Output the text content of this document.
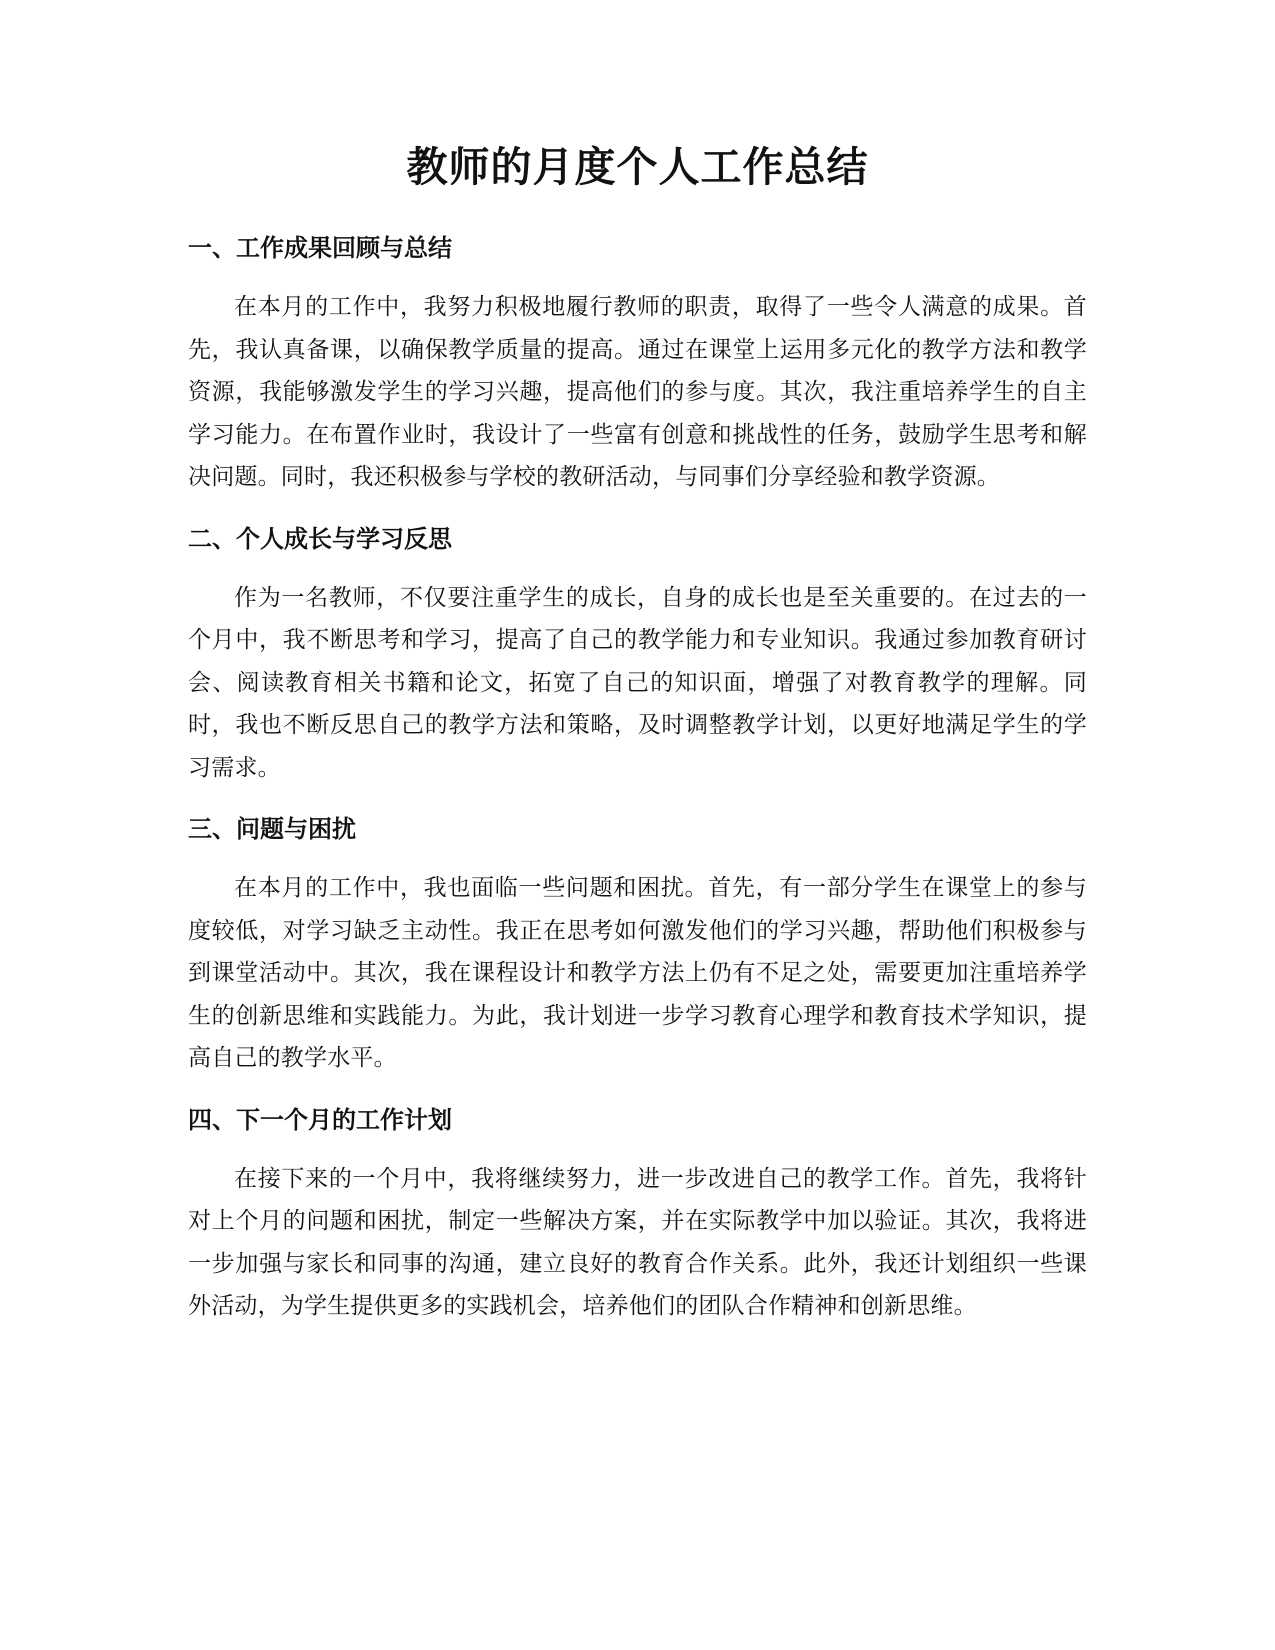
教师的月度个人工作总结
一、工作成果回顾与总结

在本月的工作中，我努力积极地履行教师的职责，取得了一些令人满意的成果。首先，我认真备课，以确保教学质量的提高。通过在课堂上运用多元化的教学方法和教学资源，我能够激发学生的学习兴趣，提高他们的参与度。其次，我注重培养学生的自主学习能力。在布置作业时，我设计了一些富有创意和挑战性的任务，鼓励学生思考和解决问题。同时，我还积极参与学校的教研活动，与同事们分享经验和教学资源。

二、个人成长与学习反思

作为一名教师，不仅要注重学生的成长，自身的成长也是至关重要的。在过去的一个月中，我不断思考和学习，提高了自己的教学能力和专业知识。我通过参加教育研讨会、阅读教育相关书籍和论文，拓宽了自己的知识面，增强了对教育教学的理解。同时，我也不断反思自己的教学方法和策略，及时调整教学计划，以更好地满足学生的学习需求。

三、问题与困扰

在本月的工作中，我也面临一些问题和困扰。首先，有一部分学生在课堂上的参与度较低，对学习缺乏主动性。我正在思考如何激发他们的学习兴趣，帮助他们积极参与到课堂活动中。其次，我在课程设计和教学方法上仍有不足之处，需要更加注重培养学生的创新思维和实践能力。为此，我计划进一步学习教育心理学和教育技术学知识，提高自己的教学水平。

四、下一个月的工作计划

在接下来的一个月中，我将继续努力，进一步改进自己的教学工作。首先，我将针对上个月的问题和困扰，制定一些解决方案，并在实际教学中加以验证。其次，我将进一步加强与家长和同事的沟通，建立良好的教育合作关系。此外，我还计划组织一些课外活动，为学生提供更多的实践机会，培养他们的团队合作精神和创新思维。
